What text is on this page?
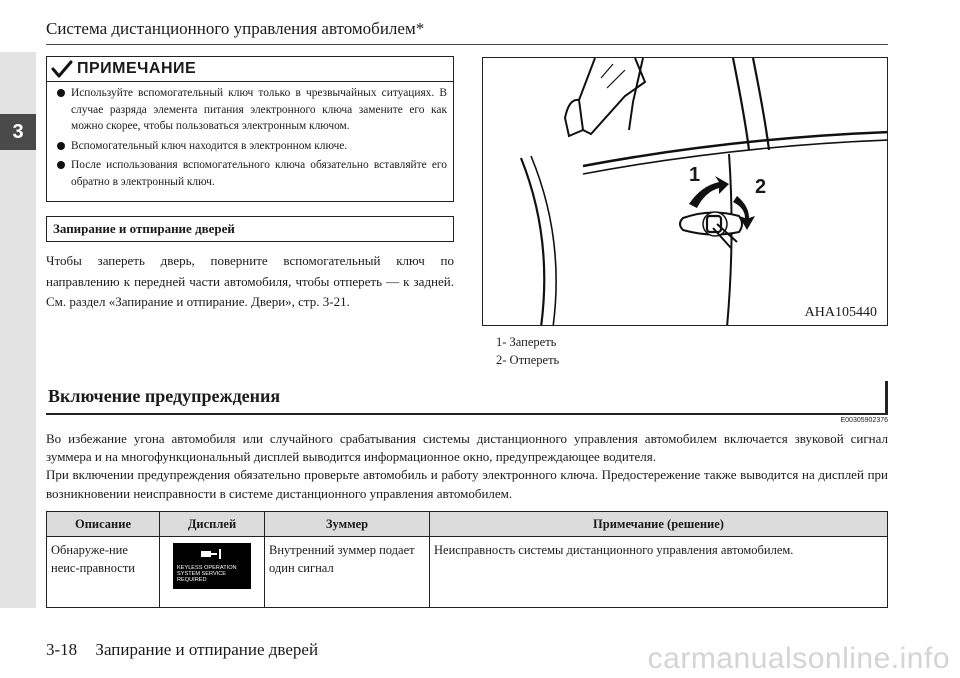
3
Система дистанционного управления автомобилем*
ПРИМЕЧАНИЕ
Используйте вспомогательный ключ только в чрезвычайных ситуациях. В случае разряда элемента питания электронного ключа замените его как можно скорее, чтобы пользоваться электронным ключом.
Вспомогательный ключ находится в электронном ключе.
После использования вспомогательного ключа обязательно вставляйте его обратно в электронный ключ.
Запирание и отпирание дверей

Чтобы запереть дверь, поверните вспомогательный ключ по направлению к передней части автомобиля, чтобы отпереть — к задней. См. раздел «Запирание и отпирание. Двери», стр. 3-21.

1
2
AHA105440
1- Запереть
2- Отпереть
Включение предупреждения
E00305902376

Во избежание угона автомобиля или случайного срабатывания системы дистанционного управления автомобилем включается звуковой сигнал зуммера и на многофункциональный дисплей выводится информационное окно, предупреждающее водителя.

При включении предупреждения обязательно проверьте автомобиль и работу электронного ключа. Предостережение также выводится на дисплей при возникновении неисправности в системе дистанционного управления автомобилем.

Описание	Дисплей	Зуммер	Примечание (решение)
Обнаруже-ние неис-правности	KEYLESS OPERATION
SYSTEM SERVICE
REQUIRED	Внутренний зуммер подает один сигнал	Неисправность системы дистанционного управления автомобилем.
3-18 Запирание и отпирание дверей	carmanualsonline.info
